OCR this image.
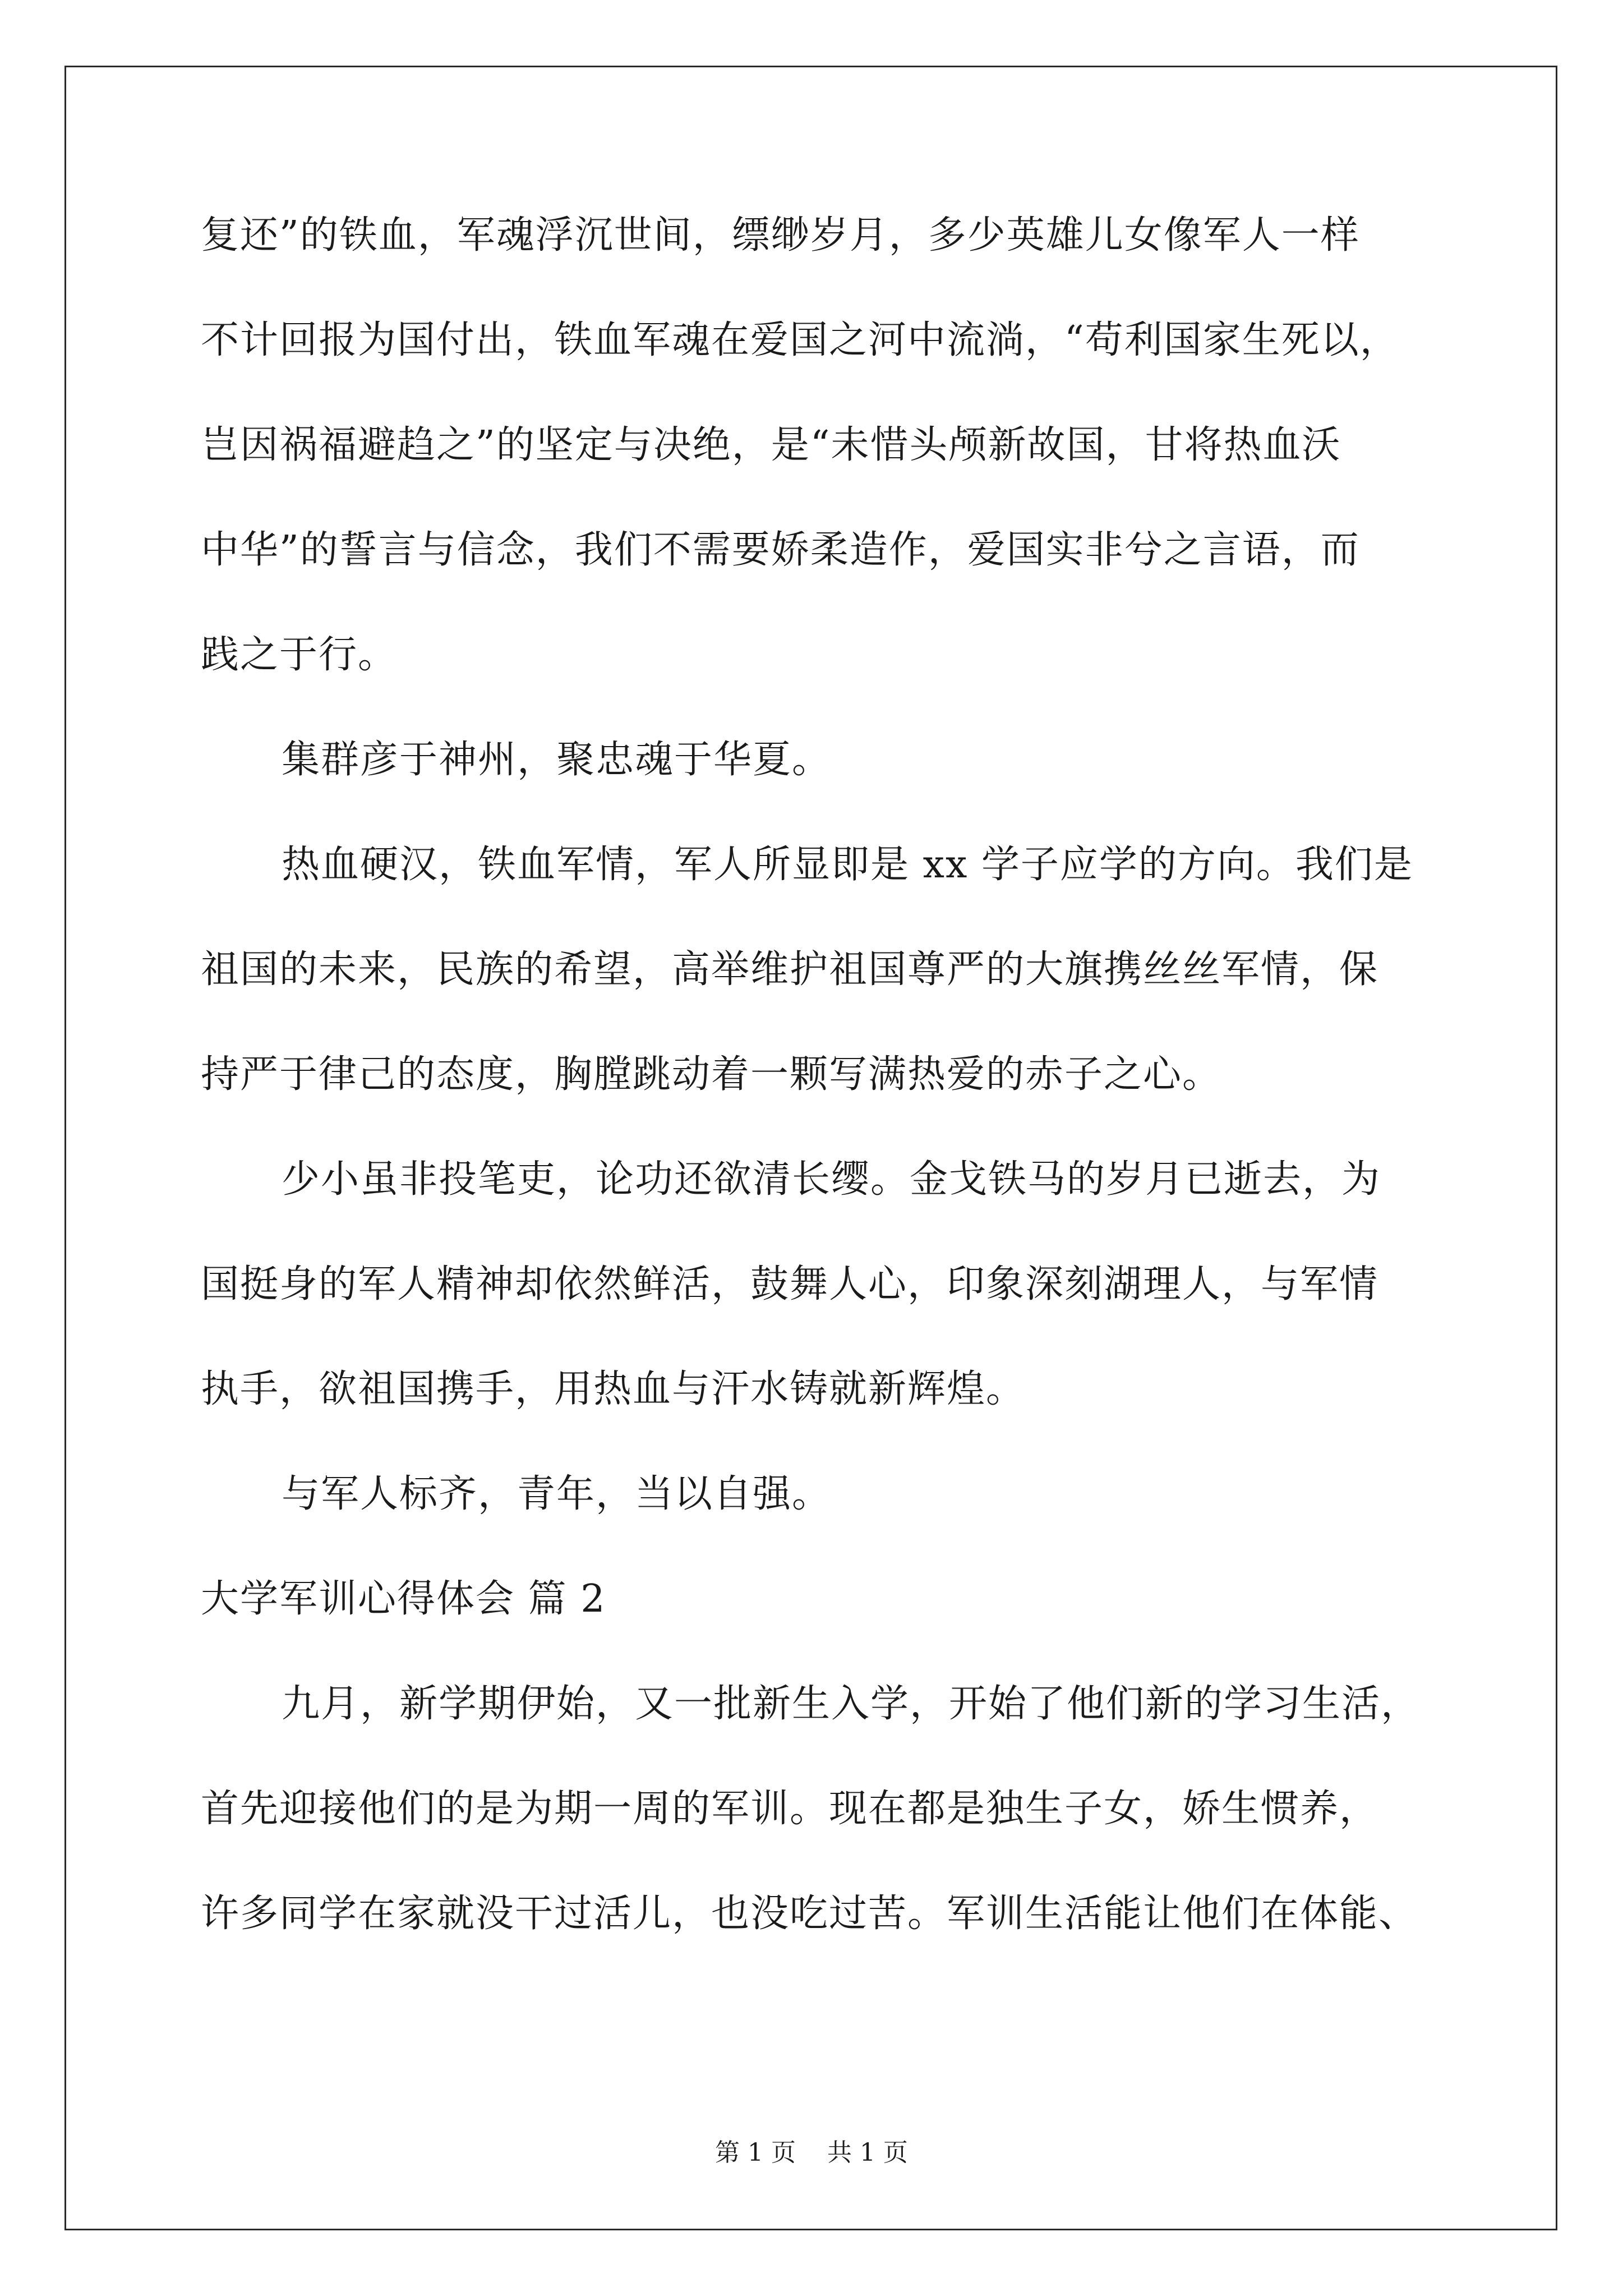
复还”的铁血，军魂浮沉世间，缥缈岁月，多少英雄儿女像军人一样
不计回报为国付出，铁血军魂在爱国之河中流淌，“苟利国家生死以，
岂因祸福避趋之”的坚定与决绝，是“未惜头颅新故国，甘将热血沃
中华”的誓言与信念，我们不需要娇柔造作，爱国实非兮之言语，而
践之于行。
集群彦于神州，聚忠魂于华夏。
热血硬汉，铁血军情，军人所显即是 xx 学子应学的方向。我们是
祖国的未来，民族的希望，高举维护祖国尊严的大旗携丝丝军情，保
持严于律己的态度，胸膛跳动着一颗写满热爱的赤子之心。
少小虽非投笔吏，论功还欲清长缨。金戈铁马的岁月已逝去，为
国挺身的军人精神却依然鲜活，鼓舞人心，印象深刻湖理人，与军情
执手，欲祖国携手，用热血与汗水铸就新辉煌。
与军人标齐，青年，当以自强。
大学军训心得体会 篇 2
九月，新学期伊始，又一批新生入学，开始了他们新的学习生活，
首先迎接他们的是为期一周的军训。现在都是独生子女，娇生惯养，
许多同学在家就没干过活儿，也没吃过苦。军训生活能让他们在体能、
第 1 页    共 1 页
